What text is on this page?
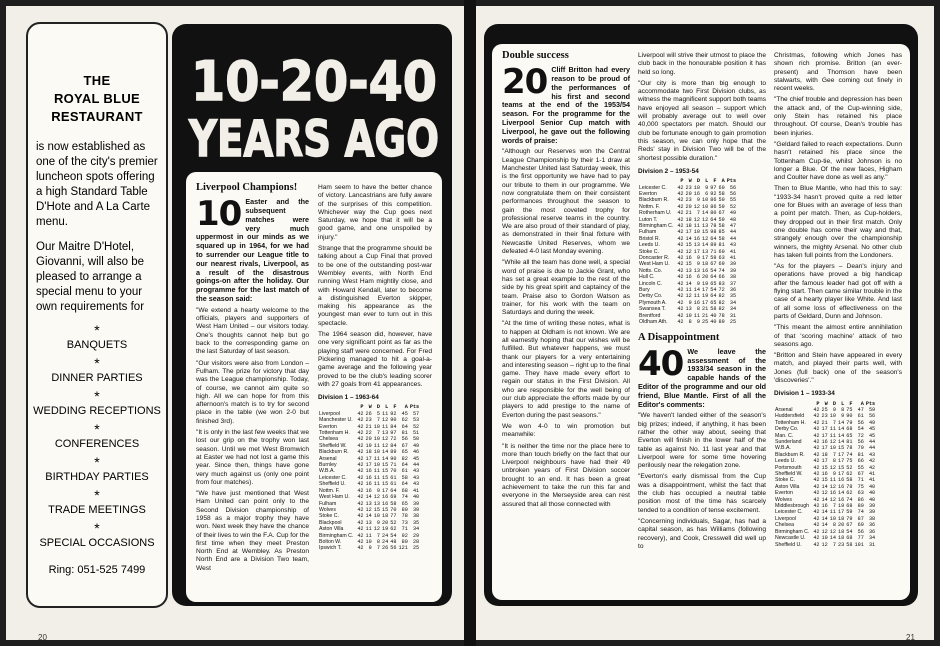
20
THE
ROYAL BLUE
RESTAURANT
is now established as one of the city's premier luncheon spots offering a high Standard Table D'Hote and A La Carte menu.
Our Maitre D'Hotel, Giovanni, will also be pleased to arrange a special menu to your own requirements for
*
BANQUETS
*
DINNER PARTIES
*
WEDDING RECEPTIONS
*
CONFERENCES
*
BIRTHDAY PARTIES
*
TRADE MEETINGS
*
SPECIAL OCCASIONS
Ring: 051-525 7499
10-20-40
YEARS AGO
Liverpool Champions!
10 Easter and the subsequent matches were very much uppermost in our minds as we squared up in 1964, for we had to surrender our League title to our nearest rivals, Liverpool, as a result of the disastrous goings-on after the holiday. Our programme for the last match of the season said:

"We extend a hearty welcome to the officials, players and supporters of West Ham United – our visitors today. One's thoughts cannot help but go back to the corresponding game on the last Saturday of last season.

"Our visitors were also from London – Fulham. The prize for victory that day was the League championship. Today, of course, we cannot aim quite so high. All we can hope for from this afternoon's match is to try for second place in the table (we won 2-0 but finished 3rd).

"It is only in the last few weeks that we lost our grip on the trophy won last season. Until we met West Bromwich at Easter we had not lost a game this year. Since then, things have gone very much against us (only one point from four matches).

"We have just mentioned that West Ham United can point only to the Second Division championship of 1958 as a major trophy they have won. Next week they have the chance of their lives to win the F.A. Cup for the first time when they meet Preston North End at Wembley. As Preston North End are a Division Two team, West

Ham seem to have the better chance of victory. Lancastrians are fully aware of the surprises of this competition. Whichever way the Cup goes next Saturday, we hope that it will be a good game, and one unspoiled by injury."

Strange that the programme should be talking about a Cup Final that proved to be one of the outstanding post-war Wembley events, with North End running West Ham mightily close, and with Howard Kendall, later to become a distinguished Everton skipper, making his appearance as the youngest man ever to turn out in this spectacle.

The 1964 season did, however, have one very significant point as far as the playing staff were concerned. For Fred Pickering managed to hit a goal-a-game average and the following year proved to be the club's leading scorer with 27 goals from 41 appearances.

Division 1 – 1963-64
	P	W	D	L	F	A	Pts
Liverpool	42	26	5	11	92	45	57
Manchester U.	42	23	7	12	90	62	53
Everton	42	21	10	11	84	64	52
Tottenham H.	42	22	7	13	97	81	51
Chelsea	42	20	10	12	72	56	50
Sheffield W.	42	19	11	12	84	67	49
Blackburn R.	42	18	10	14	89	65	46
Arsenal	42	17	11	14	90	82	45
Burnley	42	17	10	15	71	64	44
W.B.A.	42	16	11	15	70	61	43
Leicester C.	42	16	11	15	61	58	43
Sheffield U.	42	16	11	15	61	64	43
Nottm. F.	42	16	9	17	64	68	41
West Ham U.	42	14	12	16	69	74	40
Fulham	42	13	13	16	58	65	39
Wolves	42	12	15	15	70	80	39
Stoke C.	42	14	10	18	77	78	38
Blackpool	42	13	9	20	52	73	35
Aston Villa	42	11	12	19	62	71	34
Birmingham C.	42	11	7	24	54	92	29
Bolton W.	42	10	8	24	48	80	28
Ipswich T.	42	9	7	26	56	121	25
21
Double success
20 Cliff Britton had every reason to be proud of the performances of his first and second teams at the end of the 1953/54 season. For the programme for the Liverpool Senior Cup match with Liverpool, he gave out the following words of praise:

"Although our Reserves won the Central League Championship by their 1-1 draw at Manchester United last Saturday week, this is the first opportunity we have had to pay our tribute to them in our programme. We now congratulate them on their consistent performances throughout the season to gain the most coveted trophy for professional reserve teams in the country. We are also proud of their standard of play, as demonstrated in their final fixture with Newcastle United Reserves, whom we defeated 4-0 last Monday evening.

"While all the team has done well, a special word of praise is due to Jackie Grant, who has set a great example to the rest of the side by his great spirit and captaincy of the team. Praise also to Gordon Watson as trainer, for his work with the team on Saturdays and during the week.

"At the time of writing these notes, what is to happen at Oldham is not known. We are all earnestly hoping that our wishes will be fulfilled. But whatever happens, we must thank our players for a very entertaining and interesting season – right up to the final game. They have made every effort to regain our status in the First Division. All who are responsible for the well being of our club appreciate the efforts made by our players to add prestige to the name of Everton during the past seasons."

We won 4-0 to win promotion but meanwhile:

"It is neither the time nor the place here to more than touch briefly on the fact that our Liverpool neighbours have had their 49 unbroken years of First Division soccer brought to an end. It has been a great achievement to take the run this far and everyone in the Merseyside area can rest assured that all those connected with

Liverpool will strive their utmost to place the club back in the honourable position it has held so long.

"Our city is more than big enough to accommodate two First Division clubs, as witness the magnificent support both teams have enjoyed all season – support which will probably average out to well over 40,000 spectators per match. Should our club be fortunate enough to gain promotion this season, we can only hope that the Reds' stay in Division Two will be of the shortest possible duration."

Division 2 – 1953-54
	P	W	D	L	F	A	Pts
Leicester C.	42	23	10	9	97	60	56
Everton	42	20	16	6	92	58	56
Blackburn R.	42	23	9	10	86	50	55
Nottm. F.	42	20	12	10	86	59	52
Rotherham U.	42	21	7	14	80	67	49
Luton T.	42	18	12	12	64	59	48
Birmingham C.	42	18	11	13	78	58	47
Fulham	42	17	10	15	98	85	44
Bristol R.	42	14	16	12	64	58	44
Leeds U.	42	15	13	14	89	81	43
Stoke C.	42	12	17	13	71	60	41
Doncaster R.	42	16	9	17	59	63	41
West Ham U.	42	15	9	18	67	69	39
Notts. Co.	42	13	13	16	54	74	39
Hull C.	42	16	6	20	64	66	38
Lincoln C.	42	14	9	19	65	83	37
Bury	42	11	14	17	54	72	36
Derby Co.	42	12	11	19	64	82	35
Plymouth A.	42	9	16	17	65	82	34
Swansea T.	42	13	8	21	58	82	34
Brentford	42	10	11	21	40	78	31
Oldham Ath.	42	8	9	25	40	89	25
A Disappointment
40 We leave the assessment of the 1933/34 season in the capable hands of the Editor of the programme and our old friend, Blue Mantle. First of all the Editor's comments:

"We haven't landed either of the season's big prizes; indeed, if anything, it has been rather the other way about, seeing that Everton will finish in the lower half of the table as against No. 11 last year and that Liverpool were for some time hovering perilously near the relegation zone.

"Everton's early dismissal from the Cup was a disappointment, whilst the fact that the club has occupied a neutral table position most of the time has scarcely tended to a condition of tense excitement.

"Concerning individuals, Sagar, has had a capital season, as has Williams (following recovery), and Cook, Cresswell did well up to

Christmas, following which Jones has shown rich promise. Britton (an ever-present) and Thomson have been stalwarts, with Gee coming out finely in recent weeks.

"The chief trouble and depression has been the attack and, of the Cup-winning side, only Stein has retained his place throughout. Of course, Dean's trouble has been injuries.

"Geldard failed to reach expectations. Dunn hasn't retained his place since the Tottenham Cup-tie, whilst Johnson is no longer a Blue. Of the new faces, Higham and Coulter have done as well as any."

Then to Blue Mantle, who had this to say: "1933-34 hasn't proved quite a red letter one for Blues with an average of less than a point per match. Then, as Cup-holders, they dropped out in their first match. Only one double has come their way and that, strangely enough over the championship winners, the mighty Arsenal. No other club has taken full points from the Londoners.

"As for the players – Dean's injury and operations have proved a big handicap after the famous leader had got off with a flying start. Then came similar trouble in the case of a hearty player like White. And last of all some loss of effectiveness on the parts of Geldard, Dunn and Johnson.

"This meant the almost entire annihilation of that 'scoring machine' attack of two seasons ago.

"Britton and Stein have appeared in every match, and played their parts well, with Jones (full back) one of the season's 'discoveries'."

Division 1 – 1933-34
	P	W	D	L	F	A	Pts
Arsenal	42	25	9	8	75	47	59
Huddersfield	42	23	10	9	90	61	56
Tottenham H.	42	21	7	14	79	56	49
Derby Co.	42	17	11	14	68	54	45
Man. C.	42	17	11	14	65	72	45
Sunderland	42	16	12	14	81	56	44
W.B.A.	42	17	10	15	78	70	44
Blackburn R.	42	18	7	17	74	81	43
Leeds U.	42	17	8	17	75	66	42
Portsmouth	42	15	12	15	52	55	42
Sheffield W.	42	16	9	17	62	67	41
Stoke C.	42	15	11	16	58	71	41
Aston Villa	42	14	12	16	78	75	40
Everton	42	12	16	14	62	63	40
Wolves	42	14	12	16	74	86	40
Middlesbrough	42	16	7	19	68	80	39
Leicester C.	42	14	11	17	59	74	39
Liverpool	42	14	10	18	79	87	38
Chelsea	42	14	8	20	67	69	36
Birmingham C.	42	12	12	18	54	56	36
Newcastle U.	42	10	14	18	68	77	34
Sheffield U.	42	12	7	23	58	101	31
